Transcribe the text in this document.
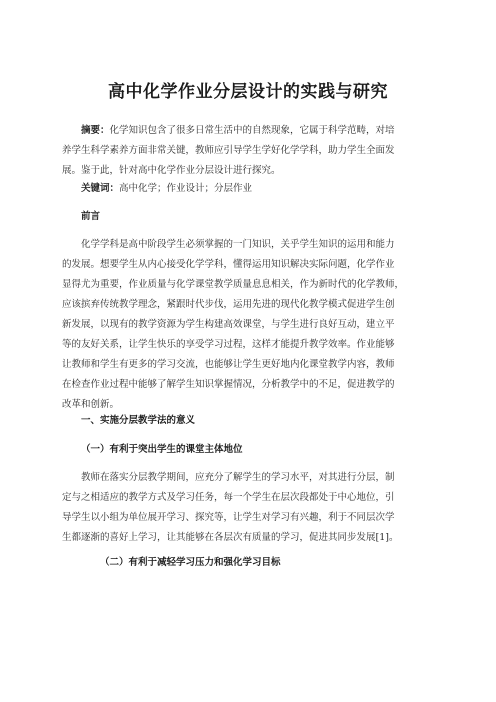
高中化学作业分层设计的实践与研究
摘要：化学知识包含了很多日常生活中的自然现象，它属于科学范畴，对培
养学生科学素养方面非常关键，教师应引导学生学好化学学科，助力学生全面发
展。鉴于此，针对高中化学作业分层设计进行探究。
关键词：高中化学；作业设计；分层作业
前言
化学学科是高中阶段学生必须掌握的一门知识，关乎学生知识的运用和能力
的发展。想要学生从内心接受化学学科，懂得运用知识解决实际问题，化学作业
显得尤为重要，作业质量与化学课堂教学质量息息相关，作为新时代的化学教师，
应该摈弃传统教学理念，紧跟时代步伐，运用先进的现代化教学模式促进学生创
新发展，以现有的教学资源为学生构建高效课堂，与学生进行良好互动，建立平
等的友好关系，让学生快乐的享受学习过程，这样才能提升教学效率。作业能够
让教师和学生有更多的学习交流，也能够让学生更好地内化课堂教学内容，教师
在检查作业过程中能够了解学生知识掌握情况，分析教学中的不足，促进教学的
改革和创新。
一、实施分层教学法的意义
（一）有利于突出学生的课堂主体地位
教师在落实分层教学期间，应充分了解学生的学习水平，对其进行分层，制
定与之相适应的教学方式及学习任务，每一个学生在层次段都处于中心地位，引
导学生以小组为单位展开学习、探究等，让学生对学习有兴趣，利于不同层次学
生都逐渐的喜好上学习，让其能够在各层次有质量的学习，促进其同步发展[1]。
（二）有利于减轻学习压力和强化学习目标
